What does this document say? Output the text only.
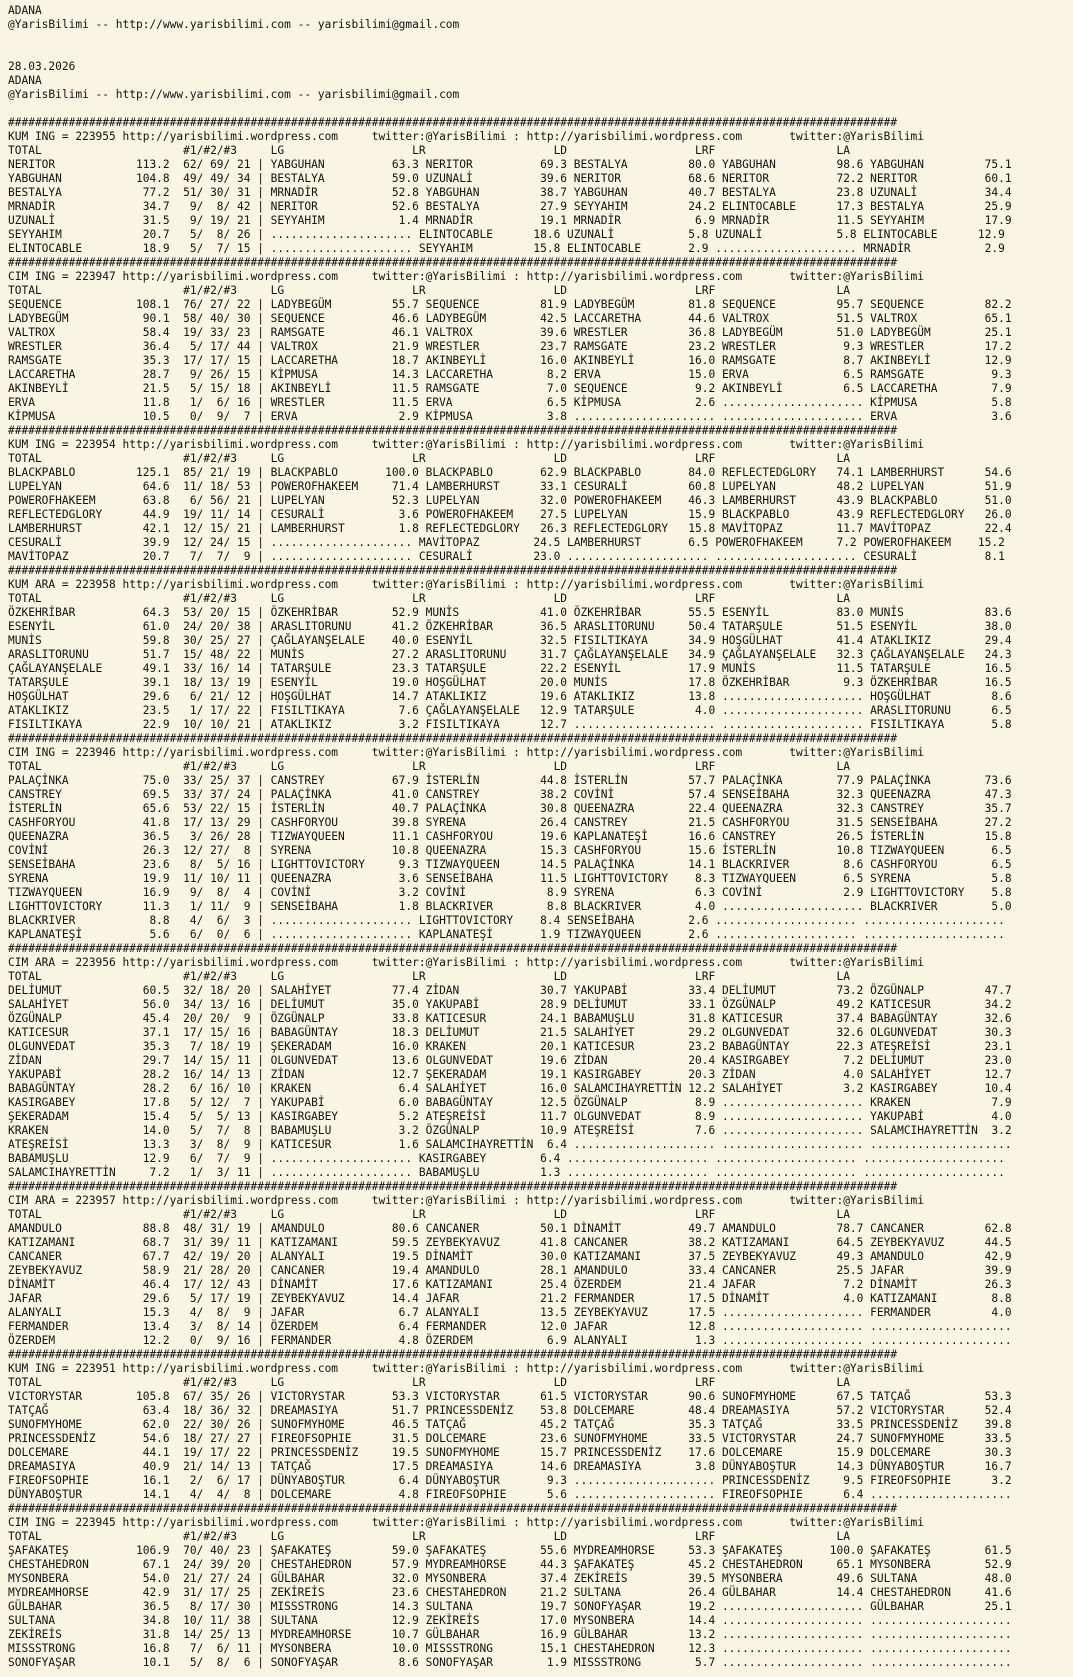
ADANA
@YarisBilimi -- http://www.yarisbilimi.com -- yarisbilimi@gmail.com
28.03.2026
ADANA
@YarisBilimi -- http://www.yarisbilimi.com -- yarisbilimi@gmail.com
####################################################################################################################################
KUM ING = 223955 http://yarisbilimi.wordpress.com     twitter:@YarisBilimi : http://yarisbilimi.wordpress.com       twitter:@YarisBilimi
TOTAL                     #1/#2/#3     LG                   LR                   LD                   LRF                  LA
NERITOR            113.2  62/ 69/ 21 | YABGUHAN          63.3 NERITOR          69.3 BESTALYA         80.0 YABGUHAN         98.6 YABGUHAN         75.1
YABGUHAN           104.8  49/ 49/ 34 | BESTALYA          59.0 UZUNALİ          39.6 NERITOR          68.6 NERITOR          72.2 NERITOR          60.1
BESTALYA            77.2  51/ 30/ 31 | MRNADİR           52.8 YABGUHAN         38.7 YABGUHAN         40.7 BESTALYA         23.8 UZUNALİ          34.4
MRNADİR             34.7   9/  8/ 42 | NERITOR           52.6 BESTALYA         27.9 SEYYAHIM         24.2 ELINTOCABLE      17.3 BESTALYA         25.9
UZUNALİ             31.5   9/ 19/ 21 | SEYYAHIM           1.4 MRNADİR          19.1 MRNADİR           6.9 MRNADİR          11.5 SEYYAHIM         17.9
SEYYAHIM            20.7   5/  8/ 26 | ..................... ELINTOCABLE      18.6 UZUNALİ           5.8 UZUNALİ           5.8 ELINTOCABLE      12.9
ELINTOCABLE         18.9   5/  7/ 15 | ..................... SEYYAHIM         15.8 ELINTOCABLE       2.9 ..................... MRNADİR           2.9
####################################################################################################################################
CIM ING = 223947 http://yarisbilimi.wordpress.com     twitter:@YarisBilimi : http://yarisbilimi.wordpress.com       twitter:@YarisBilimi
TOTAL                     #1/#2/#3     LG                   LR                   LD                   LRF                  LA
SEQUENCE           108.1  76/ 27/ 22 | LADYBEGÜM         55.7 SEQUENCE         81.9 LADYBEGÜM        81.8 SEQUENCE         95.7 SEQUENCE         82.2
LADYBEGÜM           90.1  58/ 40/ 30 | SEQUENCE          46.6 LADYBEGÜM        42.5 LACCARETHA       44.6 VALTROX          51.5 VALTROX          65.1
VALTROX             58.4  19/ 33/ 23 | RAMSGATE          46.1 VALTROX          39.6 WRESTLER         36.8 LADYBEGÜM        51.0 LADYBEGÜM        25.1
WRESTLER            36.4   5/ 17/ 44 | VALTROX           21.9 WRESTLER         23.7 RAMSGATE         23.2 WRESTLER          9.3 WRESTLER         17.2
RAMSGATE            35.3  17/ 17/ 15 | LACCARETHA        18.7 AKINBEYLİ        16.0 AKINBEYLİ        16.0 RAMSGATE          8.7 AKINBEYLİ        12.9
LACCARETHA          28.7   9/ 26/ 15 | KİPMUSA           14.3 LACCARETHA        8.2 ERVA             15.0 ERVA              6.5 RAMSGATE          9.3
AKINBEYLİ           21.5   5/ 15/ 18 | AKINBEYLİ         11.5 RAMSGATE          7.0 SEQUENCE          9.2 AKINBEYLİ         6.5 LACCARETHA        7.9
ERVA                11.8   1/  6/ 16 | WRESTLER          11.5 ERVA              6.5 KİPMUSA           2.6 ..................... KİPMUSA           5.8
KİPMUSA             10.5   0/  9/  7 | ERVA               2.9 KİPMUSA           3.8 ..................... ..................... ERVA              3.6
####################################################################################################################################
KUM ING = 223954 http://yarisbilimi.wordpress.com     twitter:@YarisBilimi : http://yarisbilimi.wordpress.com       twitter:@YarisBilimi
TOTAL                     #1/#2/#3     LG                   LR                   LD                   LRF                  LA
BLACKPABLO         125.1  85/ 21/ 19 | BLACKPABLO       100.0 BLACKPABLO       62.9 BLACKPABLO       84.0 REFLECTEDGLORY   74.1 LAMBERHURST      54.6
LUPELYAN            64.6  11/ 18/ 53 | POWEROFHAKEEM     71.4 LAMBERHURST      33.1 CESURALİ         60.8 LUPELYAN         48.2 LUPELYAN         51.9
POWEROFHAKEEM       63.8   6/ 56/ 21 | LUPELYAN          52.3 LUPELYAN         32.0 POWEROFHAKEEM    46.3 LAMBERHURST      43.9 BLACKPABLO       51.0
REFLECTEDGLORY      44.9  19/ 11/ 14 | CESURALİ           3.6 POWEROFHAKEEM    27.5 LUPELYAN         15.9 BLACKPABLO       43.9 REFLECTEDGLORY   26.0
LAMBERHURST         42.1  12/ 15/ 21 | LAMBERHURST        1.8 REFLECTEDGLORY   26.3 REFLECTEDGLORY   15.8 MAVİTOPAZ        11.7 MAVİTOPAZ        22.4
CESURALİ            39.9  12/ 24/ 15 | ..................... MAVİTOPAZ        24.5 LAMBERHURST       6.5 POWEROFHAKEEM     7.2 POWEROFHAKEEM    15.2
MAVİTOPAZ           20.7   7/  7/  9 | ..................... CESURALİ         23.0 ..................... ..................... CESURALİ          8.1
####################################################################################################################################
KUM ARA = 223958 http://yarisbilimi.wordpress.com     twitter:@YarisBilimi : http://yarisbilimi.wordpress.com       twitter:@YarisBilimi
TOTAL                     #1/#2/#3     LG                   LR                   LD                   LRF                  LA
ÖZKEHRİBAR          64.3  53/ 20/ 15 | ÖZKEHRİBAR        52.9 MUNİS            41.0 ÖZKEHRİBAR       55.5 ESENYİL          83.0 MUNİS            83.6
ESENYİL             61.0  24/ 20/ 38 | ARASLITORUNU      41.2 ÖZKEHRİBAR       36.5 ARASLITORUNU     50.4 TATARŞULE        51.5 ESENYİL          38.0
MUNİS               59.8  30/ 25/ 27 | ÇAĞLAYANŞELALE    40.0 ESENYİL          32.5 FISILTIKAYA      34.9 HOŞGÜLHAT        41.4 ATAKLIKIZ        29.4
ARASLITORUNU        51.7  15/ 48/ 22 | MUNİS             27.2 ARASLITORUNU     31.7 ÇAĞLAYANŞELALE   34.9 ÇAĞLAYANŞELALE   32.3 ÇAĞLAYANŞELALE   24.3
ÇAĞLAYANŞELALE      49.1  33/ 16/ 14 | TATARŞULE         23.3 TATARŞULE        22.2 ESENYİL          17.9 MUNİS            11.5 TATARŞULE        16.5
TATARŞULE           39.1  18/ 13/ 19 | ESENYİL           19.0 HOŞGÜLHAT        20.0 MUNİS            17.8 ÖZKEHRİBAR        9.3 ÖZKEHRİBAR       16.5
HOŞGÜLHAT           29.6   6/ 21/ 12 | HOŞGÜLHAT         14.7 ATAKLIKIZ        19.6 ATAKLIKIZ        13.8 ..................... HOŞGÜLHAT         8.6
ATAKLIKIZ           23.5   1/ 17/ 22 | FISILTIKAYA        7.6 ÇAĞLAYANŞELALE   12.9 TATARŞULE         4.0 ..................... ARASLITORUNU      6.5
FISILTIKAYA         22.9  10/ 10/ 21 | ATAKLIKIZ          3.2 FISILTIKAYA      12.7 ..................... ..................... FISILTIKAYA       5.8
####################################################################################################################################
CIM ING = 223946 http://yarisbilimi.wordpress.com     twitter:@YarisBilimi : http://yarisbilimi.wordpress.com       twitter:@YarisBilimi
TOTAL                     #1/#2/#3     LG                   LR                   LD                   LRF                  LA
PALAÇİNKA           75.0  33/ 25/ 37 | CANSTREY          67.9 İSTERLİN         44.8 İSTERLİN         57.7 PALAÇİNKA        77.9 PALAÇİNKA        73.6
CANSTREY            69.5  33/ 37/ 24 | PALAÇİNKA         41.0 CANSTREY         38.2 COVİNİ           57.4 SENSEİBAHA       32.3 QUEENAZRA        47.3
İSTERLİN            65.6  53/ 22/ 15 | İSTERLİN          40.7 PALAÇİNKA        30.8 QUEENAZRA        22.4 QUEENAZRA        32.3 CANSTREY         35.7
CASHFORYOU          41.8  17/ 13/ 29 | CASHFORYOU        39.8 SYRENA           26.4 CANSTREY         21.5 CASHFORYOU       31.5 SENSEİBAHA       27.2
QUEENAZRA           36.5   3/ 26/ 28 | TIZWAYQUEEN       11.1 CASHFORYOU       19.6 KAPLANATEŞİ      16.6 CANSTREY         26.5 İSTERLİN         15.8
COVİNİ              26.3  12/ 27/  8 | SYRENA            10.8 QUEENAZRA        15.3 CASHFORYOU       15.6 İSTERLİN         10.8 TIZWAYQUEEN       6.5
SENSEİBAHA          23.6   8/  5/ 16 | LIGHTTOVICTORY     9.3 TIZWAYQUEEN      14.5 PALAÇİNKA        14.1 BLACKRIVER        8.6 CASHFORYOU        6.5
SYRENA              19.9  11/ 10/ 11 | QUEENAZRA          3.6 SENSEİBAHA       11.5 LIGHTTOVICTORY    8.3 TIZWAYQUEEN       6.5 SYRENA            5.8
TIZWAYQUEEN         16.9   9/  8/  4 | COVİNİ             3.2 COVİNİ            8.9 SYRENA            6.3 COVİNİ            2.9 LIGHTTOVICTORY    5.8
LIGHTTOVICTORY      11.3   1/ 11/  9 | SENSEİBAHA         1.8 BLACKRIVER        8.8 BLACKRIVER        4.0 ..................... BLACKRIVER        5.0
BLACKRIVER           8.8   4/  6/  3 | ..................... LIGHTTOVICTORY    8.4 SENSEİBAHA        2.6 ..................... .....................
KAPLANATEŞİ          5.6   6/  0/  6 | ..................... KAPLANATEŞİ       1.9 TIZWAYQUEEN       2.6 ..................... .....................
####################################################################################################################################
CIM ARA = 223956 http://yarisbilimi.wordpress.com     twitter:@YarisBilimi : http://yarisbilimi.wordpress.com       twitter:@YarisBilimi
TOTAL                     #1/#2/#3     LG                   LR                   LD                   LRF                  LA
DELİUMUT            60.5  32/ 18/ 20 | SALAHİYET         77.4 ZİDAN            30.7 YAKUPABİ         33.4 DELİUMUT         73.2 ÖZGÜNALP         47.7
SALAHİYET           56.0  34/ 13/ 16 | DELİUMUT          35.0 YAKUPABİ         28.9 DELİUMUT         33.1 ÖZGÜNALP         49.2 KATICESUR        34.2
ÖZGÜNALP            45.4  20/ 20/  9 | ÖZGÜNALP          33.8 KATICESUR        24.1 BABAMUŞLU        31.8 KATICESUR        37.4 BABAGÜNTAY       32.6
KATICESUR           37.1  17/ 15/ 16 | BABAGÜNTAY        18.3 DELİUMUT         21.5 SALAHİYET        29.2 OLGUNVEDAT       32.6 OLGUNVEDAT       30.3
OLGUNVEDAT          35.3   7/ 18/ 19 | ŞEKERADAM         16.0 KRAKEN           20.1 KATICESUR        23.2 BABAGÜNTAY       22.3 ATEŞREİSİ        23.1
ZİDAN               29.7  14/ 15/ 11 | OLGUNVEDAT        13.6 OLGUNVEDAT       19.6 ZİDAN            20.4 KASIRGABEY        7.2 DELİUMUT         23.0
YAKUPABİ            28.2  16/ 14/ 13 | ZİDAN             12.7 ŞEKERADAM        19.1 KASIRGABEY       20.3 ZİDAN             4.0 SALAHİYET        12.7
BABAGÜNTAY          28.2   6/ 16/ 10 | KRAKEN             6.4 SALAHİYET        16.0 SALAMCIHAYRETTİN 12.2 SALAHİYET         3.2 KASIRGABEY       10.4
KASIRGABEY          17.8   5/ 12/  7 | YAKUPABİ           6.0 BABAGÜNTAY       12.5 ÖZGÜNALP          8.9 ..................... KRAKEN            7.9
ŞEKERADAM           15.4   5/  5/ 13 | KASIRGABEY         5.2 ATEŞREİSİ        11.7 OLGUNVEDAT        8.9 ..................... YAKUPABİ          4.0
KRAKEN              14.0   5/  7/  8 | BABAMUŞLU          3.2 ÖZGÜNALP         10.9 ATEŞREİSİ         7.6 ..................... SALAMCIHAYRETTİN  3.2
ATEŞREİSİ           13.3   3/  8/  9 | KATICESUR          1.6 SALAMCIHAYRETTİN  6.4 ..................... ..................... .....................
BABAMUŞLU           12.9   6/  7/  9 | ..................... KASIRGABEY        6.4 ..................... ..................... .....................
SALAMCIHAYRETTİN     7.2   1/  3/ 11 | ..................... BABAMUŞLU         1.3 ..................... ..................... .....................
####################################################################################################################################
CIM ARA = 223957 http://yarisbilimi.wordpress.com     twitter:@YarisBilimi : http://yarisbilimi.wordpress.com       twitter:@YarisBilimi
TOTAL                     #1/#2/#3     LG                   LR                   LD                   LRF                  LA
AMANDULO            88.8  48/ 31/ 19 | AMANDULO          80.6 CANCANER         50.1 DİNAMİT          49.7 AMANDULO         78.7 CANCANER         62.8
KATIZAMANI          68.7  31/ 39/ 11 | KATIZAMANI        59.5 ZEYBEKYAVUZ      41.8 CANCANER         38.2 KATIZAMANI       64.5 ZEYBEKYAVUZ      44.5
CANCANER            67.7  42/ 19/ 20 | ALANYALI          19.5 DİNAMİT          30.0 KATIZAMANI       37.5 ZEYBEKYAVUZ      49.3 AMANDULO         42.9
ZEYBEKYAVUZ         58.9  21/ 28/ 20 | CANCANER          19.4 AMANDULO         28.1 AMANDULO         33.4 CANCANER         25.5 JAFAR            39.9
DİNAMİT             46.4  17/ 12/ 43 | DİNAMİT           17.6 KATIZAMANI       25.4 ÖZERDEM          21.4 JAFAR             7.2 DİNAMİT          26.3
JAFAR               29.6   5/ 17/ 19 | ZEYBEKYAVUZ       14.4 JAFAR            21.2 FERMANDER        17.5 DİNAMİT           4.0 KATIZAMANI        8.8
ALANYALI            15.3   4/  8/  9 | JAFAR              6.7 ALANYALI         13.5 ZEYBEKYAVUZ      17.5 ..................... FERMANDER         4.0
FERMANDER           13.4   3/  8/ 14 | ÖZERDEM            6.4 FERMANDER        12.0 JAFAR            12.8 ..................... .....................
ÖZERDEM             12.2   0/  9/ 16 | FERMANDER          4.8 ÖZERDEM           6.9 ALANYALI          1.3 ..................... .....................
####################################################################################################################################
KUM ING = 223951 http://yarisbilimi.wordpress.com     twitter:@YarisBilimi : http://yarisbilimi.wordpress.com       twitter:@YarisBilimi
TOTAL                     #1/#2/#3     LG                   LR                   LD                   LRF                  LA
VICTORYSTAR        105.8  67/ 35/ 26 | VICTORYSTAR       53.3 VICTORYSTAR      61.5 VICTORYSTAR      90.6 SUNOFMYHOME      67.5 TATÇAĞ           53.3
TATÇAĞ              63.4  18/ 36/ 32 | DREAMASIYA        51.7 PRINCESSDENİZ    53.8 DOLCEMARE        48.4 DREAMASIYA       57.2 VICTORYSTAR      52.4
SUNOFMYHOME         62.0  22/ 30/ 26 | SUNOFMYHOME       46.5 TATÇAĞ           45.2 TATÇAĞ           35.3 TATÇAĞ           33.5 PRINCESSDENİZ    39.8
PRINCESSDENİZ       54.6  18/ 27/ 27 | FIREOFSOPHIE      31.5 DOLCEMARE        23.6 SUNOFMYHOME      33.5 VICTORYSTAR      24.7 SUNOFMYHOME      33.5
DOLCEMARE           44.1  19/ 17/ 22 | PRINCESSDENİZ     19.5 SUNOFMYHOME      15.7 PRINCESSDENİZ    17.6 DOLCEMARE        15.9 DOLCEMARE        30.3
DREAMASIYA          40.9  21/ 14/ 13 | TATÇAĞ            17.5 DREAMASIYA       14.6 DREAMASIYA        3.8 DÜNYABOŞTUR      14.3 DÜNYABOŞTUR      16.7
FIREOFSOPHIE        16.1   2/  6/ 17 | DÜNYABOŞTUR        6.4 DÜNYABOŞTUR       9.3 ..................... PRINCESSDENİZ     9.5 FIREOFSOPHIE      3.2
DÜNYABOŞTUR         14.1   4/  4/  8 | DOLCEMARE          4.8 FIREOFSOPHIE      5.6 ..................... FIREOFSOPHIE      6.4 .....................
####################################################################################################################################
CIM ING = 223945 http://yarisbilimi.wordpress.com     twitter:@YarisBilimi : http://yarisbilimi.wordpress.com       twitter:@YarisBilimi
TOTAL                     #1/#2/#3     LG                   LR                   LD                   LRF                  LA
ŞAFAKATEŞ          106.9  70/ 40/ 23 | ŞAFAKATEŞ         59.0 ŞAFAKATEŞ        55.6 MYDREAMHORSE     53.3 ŞAFAKATEŞ       100.0 ŞAFAKATEŞ        61.5
CHESTAHEDRON        67.1  24/ 39/ 20 | CHESTAHEDRON      57.9 MYDREAMHORSE     44.3 ŞAFAKATEŞ        45.2 CHESTAHEDRON     65.1 MYSONBERA        52.9
MYSONBERA           54.0  21/ 27/ 24 | GÜLBAHAR          32.0 MYSONBERA        37.4 ZEKİREİS         39.5 MYSONBERA        49.6 SULTANA          48.0
MYDREAMHORSE        42.9  31/ 17/ 25 | ZEKİREİS          23.6 CHESTAHEDRON     21.2 SULTANA          26.4 GÜLBAHAR         14.4 CHESTAHEDRON     41.6
GÜLBAHAR            36.5   8/ 17/ 30 | MISSSTRONG        14.3 SULTANA          19.7 SONOFYAŞAR       19.2 ..................... GÜLBAHAR         25.1
SULTANA             34.8  10/ 11/ 38 | SULTANA           12.9 ZEKİREİS         17.0 MYSONBERA        14.4 ..................... .....................
ZEKİREİS            31.8  14/ 25/ 13 | MYDREAMHORSE      10.7 GÜLBAHAR         16.9 GÜLBAHAR         13.2 ..................... .....................
MISSSTRONG          16.8   7/  6/ 11 | MYSONBERA         10.0 MISSSTRONG       15.1 CHESTAHEDRON     12.3 ..................... .....................
SONOFYAŞAR          10.1   5/  8/  6 | SONOFYAŞAR         8.6 SONOFYAŞAR        1.9 MISSSTRONG        5.7 ..................... .....................
